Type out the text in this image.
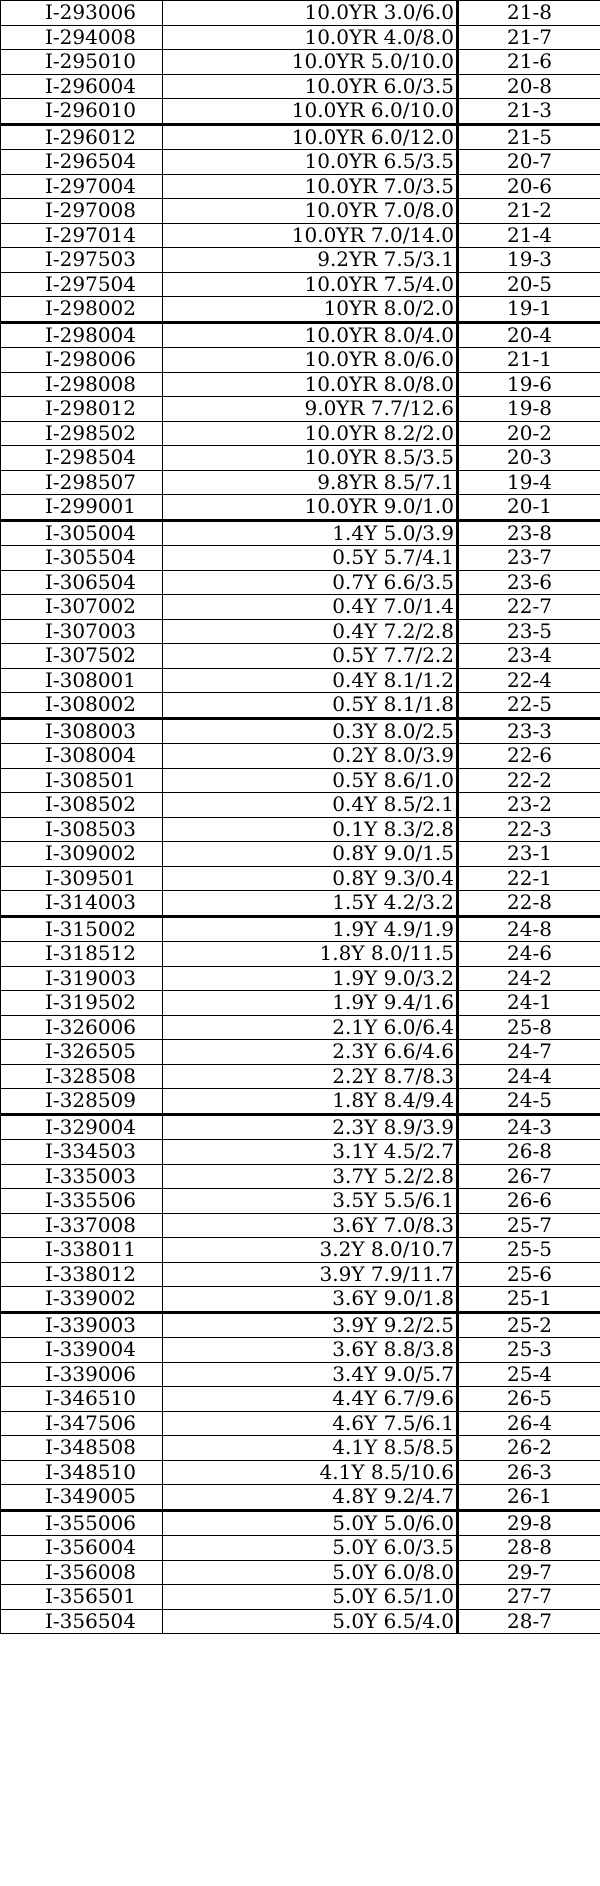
I-293006	10.0YR 3.0/6.0	21-8
I-294008	10.0YR 4.0/8.0	21-7
I-295010	10.0YR 5.0/10.0	21-6
I-296004	10.0YR 6.0/3.5	20-8
I-296010	10.0YR 6.0/10.0	21-3
I-296012	10.0YR 6.0/12.0	21-5
I-296504	10.0YR 6.5/3.5	20-7
I-297004	10.0YR 7.0/3.5	20-6
I-297008	10.0YR 7.0/8.0	21-2
I-297014	10.0YR 7.0/14.0	21-4
I-297503	9.2YR 7.5/3.1	19-3
I-297504	10.0YR 7.5/4.0	20-5
I-298002	10YR 8.0/2.0	19-1
I-298004	10.0YR 8.0/4.0	20-4
I-298006	10.0YR 8.0/6.0	21-1
I-298008	10.0YR 8.0/8.0	19-6
I-298012	9.0YR 7.7/12.6	19-8
I-298502	10.0YR 8.2/2.0	20-2
I-298504	10.0YR 8.5/3.5	20-3
I-298507	9.8YR 8.5/7.1	19-4
I-299001	10.0YR 9.0/1.0	20-1
I-305004	1.4Y 5.0/3.9	23-8
I-305504	0.5Y 5.7/4.1	23-7
I-306504	0.7Y 6.6/3.5	23-6
I-307002	0.4Y 7.0/1.4	22-7
I-307003	0.4Y 7.2/2.8	23-5
I-307502	0.5Y 7.7/2.2	23-4
I-308001	0.4Y 8.1/1.2	22-4
I-308002	0.5Y 8.1/1.8	22-5
I-308003	0.3Y 8.0/2.5	23-3
I-308004	0.2Y 8.0/3.9	22-6
I-308501	0.5Y 8.6/1.0	22-2
I-308502	0.4Y 8.5/2.1	23-2
I-308503	0.1Y 8.3/2.8	22-3
I-309002	0.8Y 9.0/1.5	23-1
I-309501	0.8Y 9.3/0.4	22-1
I-314003	1.5Y 4.2/3.2	22-8
I-315002	1.9Y 4.9/1.9	24-8
I-318512	1.8Y 8.0/11.5	24-6
I-319003	1.9Y 9.0/3.2	24-2
I-319502	1.9Y 9.4/1.6	24-1
I-326006	2.1Y 6.0/6.4	25-8
I-326505	2.3Y 6.6/4.6	24-7
I-328508	2.2Y 8.7/8.3	24-4
I-328509	1.8Y 8.4/9.4	24-5
I-329004	2.3Y 8.9/3.9	24-3
I-334503	3.1Y 4.5/2.7	26-8
I-335003	3.7Y 5.2/2.8	26-7
I-335506	3.5Y 5.5/6.1	26-6
I-337008	3.6Y 7.0/8.3	25-7
I-338011	3.2Y 8.0/10.7	25-5
I-338012	3.9Y 7.9/11.7	25-6
I-339002	3.6Y 9.0/1.8	25-1
I-339003	3.9Y 9.2/2.5	25-2
I-339004	3.6Y 8.8/3.8	25-3
I-339006	3.4Y 9.0/5.7	25-4
I-346510	4.4Y 6.7/9.6	26-5
I-347506	4.6Y 7.5/6.1	26-4
I-348508	4.1Y 8.5/8.5	26-2
I-348510	4.1Y 8.5/10.6	26-3
I-349005	4.8Y 9.2/4.7	26-1
I-355006	5.0Y 5.0/6.0	29-8
I-356004	5.0Y 6.0/3.5	28-8
I-356008	5.0Y 6.0/8.0	29-7
I-356501	5.0Y 6.5/1.0	27-7
I-356504	5.0Y 6.5/4.0	28-7
